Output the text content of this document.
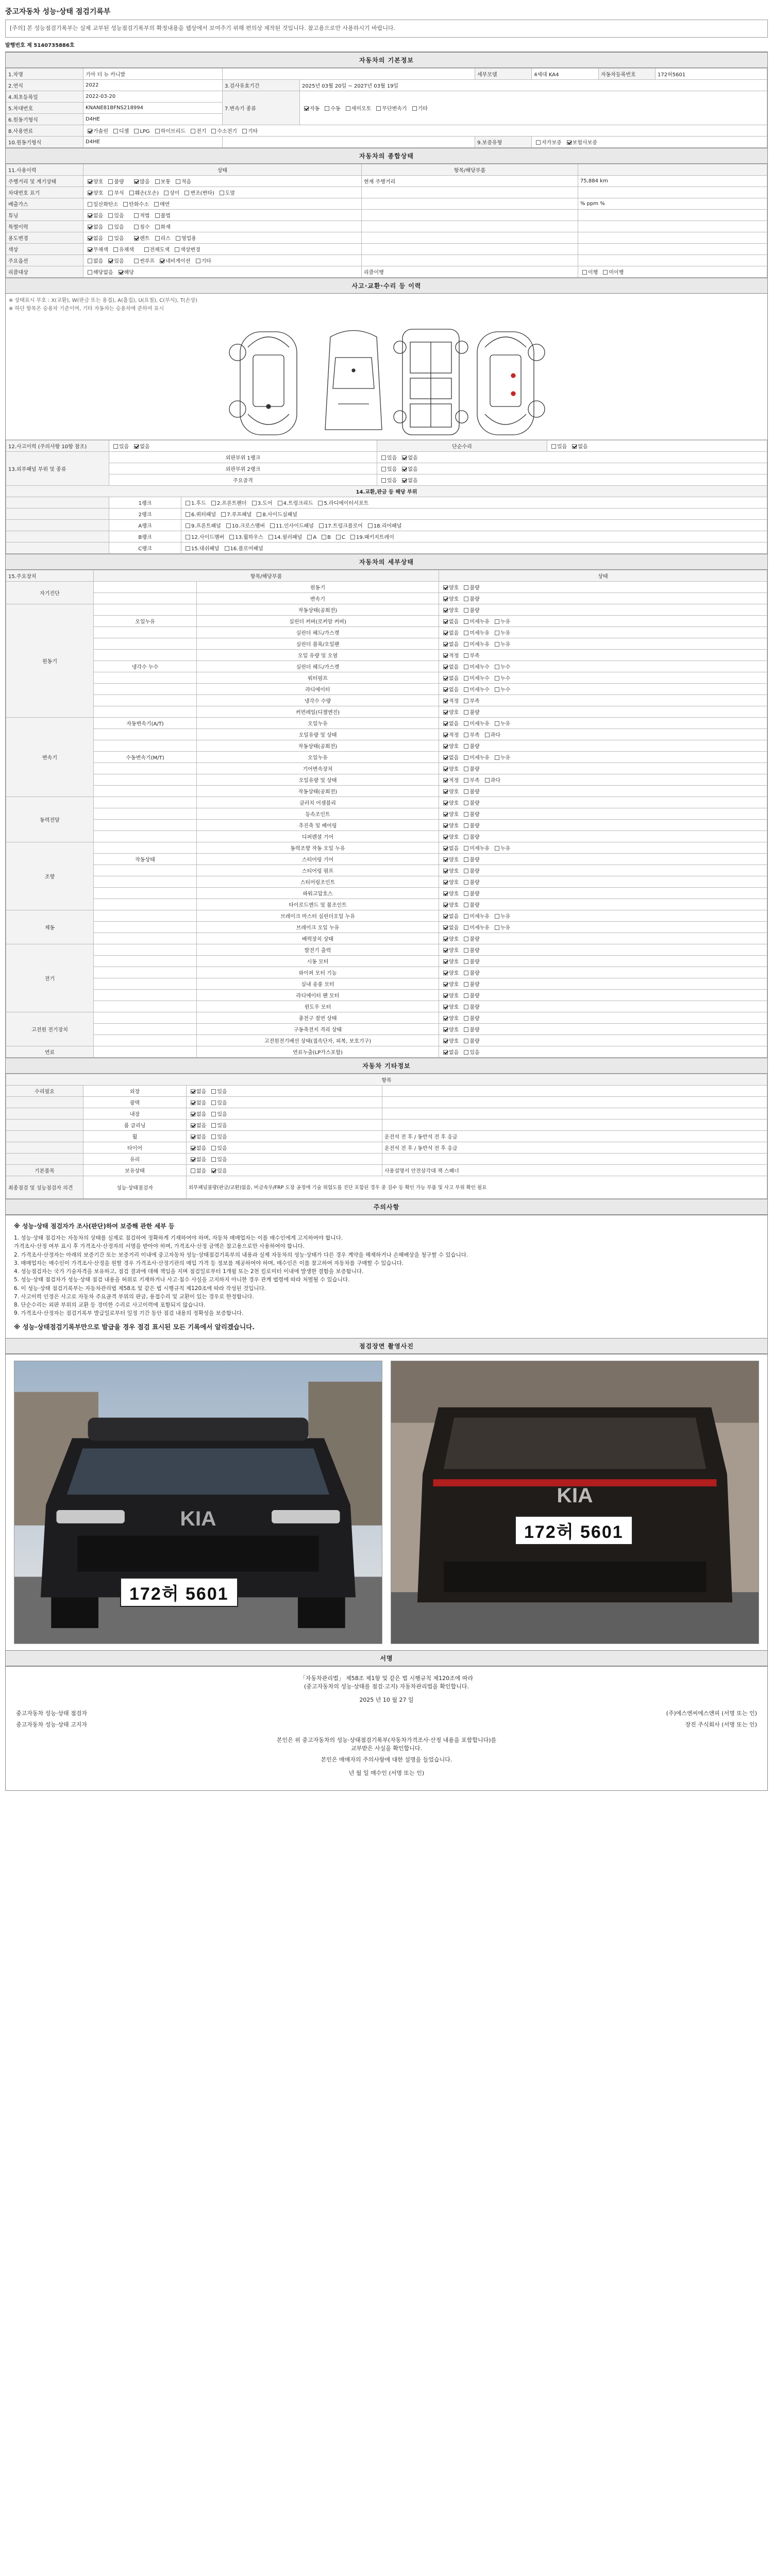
중고자동차 성능·상태 점검기록부
[주의] 본 성능점검기록부는 실제 교부된 성능점검기록부의 확정내용을 웹상에서 보여주기 위해 편의상 제작된 것입니다. 참고용으로만 사용하시기 바랍니다.
발행번호 제 5140735886호
자동차의 기본정보
1.차명	기아 더 뉴 카니발			세부모델	4세대 KA4	자동차등록번호	172허5601
2.연식	2022	3.검사유효기간	2025년 03월 20일 ~ 2027년 03월 19일				
4.최초등록일	2022-03-20	7.변속기 종류	자동 수동 세미오토 무단변속기 기타				
5.차대번호	KNANE81BFNS218994						
6.원동기형식	D4HE						
8.사용연료	가솔린 디젤 LPG 하이브리드 전기 수소전기 기타						
10.원동기형식	D4HE			9.보증유형	자가보증 보험사보증		
자동차의 종합상태
11.사용이력	상태	항목/해당부품	
주행거리 및 계기상태	양호 불량 많음 보통 적음	현재 주행거리	75,884 km
차대번호 표기	양호 부식 훼손(오손) 상이 변조(변타) 도말		
배출가스	일산화탄소 탄화수소 매연		% ppm %
튜닝	없음 있음 적법 불법		
특별이력	없음 있음 침수 화재		
용도변경	없음 있음 렌트 리스 영업용		
색상	무채색 유채색 전체도색 색상변경		
주요옵션	없음 있음 썬루프 네비게이션 기타		
리콜대상	해당없음 해당	리콜이행	이행 미이행
사고·교환·수리 등 이력
※ 상태표시 부호 : X(교환), W(판금 또는 용접), A(흠집), U(요철), C(부식), T(손상)
※ 하단 항목은 승용차 기준이며, 기타 자동차는 승용차에 준하여 표시
12.사고이력 (주의사항 10항 참조)	있음 없음		단순수리	있음 없음
13.외부패널 부위 및 종류	외판부위 1랭크		있음 없음	
	외판부위 2랭크		있음 없음	
	주요골격		있음 없음	
14.교환,판금 등 해당 부위				
	1랭크	1.후드 2.프론트펜더 3.도어 4.트렁크리드 5.라디에이터서포트		
	2랭크	6.쿼터패널 7.루프패널 8.사이드실패널		
	A랭크	9.프론트패널 10.크로스멤버 11.인사이드패널 17.트렁크플로어 18.리어패널		
	B랭크	12.사이드멤버 13.휠하우스 14.필러패널 A B C 19.패키지트레이		
	C랭크	15.대쉬패널 16.플로어패널		
자동차의 세부상태
15.주요장치	항목/해당부품		상태
자기진단		원동기	양호 불량
		변속기	양호 불량
원동기		작동상태(공회전)	양호 불량
	오일누유	실린더 커버(로커암 커버)	없음 미세누유 누유
		실린더 헤드/가스켓	없음 미세누유 누유
		실린더 블록/오일팬	없음 미세누유 누유
		오일 유량 및 오염	적정 부족
	냉각수 누수	실린더 헤드/가스켓	없음 미세누수 누수
		워터펌프	없음 미세누수 누수
		라디에이터	없음 미세누수 누수
		냉각수 수량	적정 부족
		커먼레일(디젤엔진)	양호 불량
변속기	자동변속기(A/T)	오일누유	없음 미세누유 누유
		오일유량 및 상태	적정 부족 과다
		작동상태(공회전)	양호 불량
	수동변속기(M/T)	오일누유	없음 미세누유 누유
		기어변속장치	양호 불량
		오일유량 및 상태	적정 부족 과다
		작동상태(공회전)	양호 불량
동력전달		클러치 어셈블리	양호 불량
		등속조인트	양호 불량
		추진축 및 베어링	양호 불량
		디퍼렌셜 기어	양호 불량
조향		동력조향 작동 오일 누유	없음 미세누유 누유
	작동상태	스티어링 기어	양호 불량
		스티어링 펌프	양호 불량
		스티어링조인트	양호 불량
		파워고압호스	양호 불량
		타이로드엔드 및 볼조인트	양호 불량
제동		브레이크 마스터 실린더오일 누유	없음 미세누유 누유
		브레이크 오일 누유	없음 미세누유 누유
		배력장치 상태	양호 불량
전기		발전기 출력	양호 불량
		시동 모터	양호 불량
		와이퍼 모터 기능	양호 불량
		실내 송풍 모터	양호 불량
		라디에이터 팬 모터	양호 불량
		윈도우 모터	양호 불량
고전원 전기장치		충전구 절연 상태	양호 불량
		구동축전지 격리 상태	양호 불량
		고전원전기배선 상태(접속단자, 피복, 보호기구)	양호 불량
연료		연료누출(LP가스포함)	없음 있음
자동차 기타정보
항목			
수리필요	외장	없음 있음	
	광택	없음 있음	
	내장	없음 있음	
	룸 클리닝	없음 있음	
	휠	없음 있음	운전석 전 후 / 동반석 전 후 응급
	타이어	없음 있음	운전석 전 후 / 동반석 전 후 응급
	유리	없음 있음	
기본품목	보유상태	없음 있음	사용설명서 안전삼각대 잭 스패너
최종점검 및 성능점검자 의견	성능·상태점검자	외부패널불량(판금/교환)없음, 비금속무/FRP 도장 공정에 기술 위험도를 진단 포함된 경우 중 검수 등 확인 가능 부품 및 사고 부위 확인 필요	
주의사항
※ 성능·상태 점검자가 조사(판단)하여 보증해 관한 세부 등
1. 성능·상태 점검자는 자동차의 상태를 실제로 점검하여 정확하게 기재하여야 하며, 자동차 매매업자는 이를 매수인에게 고지하여야 합니다.
가격조사·산정 여부 표시 후 가격조사·산정자의 서명을 받아야 하며, 가격조사·산정 금액은 참고용으로만 사용하여야 합니다.
2. 가격조사·산정자는 아래의 보증기간 또는 보증거리 이내에 중고자동차 성능·상태점검기록부의 내용과 실제 자동차의 성능·상태가 다른 경우 계약을 해제하거나 손해배상을 청구할 수 있습니다.
3. 매매업자는 매수인이 가격조사·산정을 원할 경우 가격조사·산정기관의 매입 가격 등 정보를 제공하여야 하며, 매수인은 이를 참고하여 자동차를 구매할 수 있습니다.
4. 성능점검자는 국가 기술자격을 보유하고, 점검 결과에 대해 책임을 지며 점검일로부터 1개월 또는 2천 킬로미터 이내에 발생한 결함을 보증합니다.
5. 성능·상태 점검자가 성능·상태 점검 내용을 허위로 기재하거나 사고·침수 사실을 고지하지 아니한 경우 관계 법령에 따라 처벌될 수 있습니다.
6. 이 성능·상태 점검기록부는 자동차관리법 제58조 및 같은 법 시행규칙 제120조에 따라 작성된 것입니다.
7. 사고이력 인정은 사고로 자동차 주요골격 부위의 판금, 용접수리 및 교환이 있는 경우로 한정합니다.
8. 단순수리는 외판 부위의 교환 등 경미한 수리로 사고이력에 포함되지 않습니다.
9. 가격조사·산정자는 점검기록부 발급일로부터 일정 기간 동안 점검 내용의 정확성을 보증합니다.
※ 성능·상태점검기록부만으로 발급을 경우 점검 표시된 모든 기록에서 알리겠습니다.
점검장면 촬영사진
KIA
172허 5601
KIA
172허 5601
서명
「자동차관리법」 제58조 제1항 및 같은 법 시행규칙 제120조에 따라
(중고자동차의 성능·상태를 점검·고지) 자동차관리법을 확인합니다.
2025 년 10 월 27 일
중고자동차 성능·상태 점검자	(주)에스엔씨에스앤피 (서명 또는 인)
중고자동차 성능·상태 고지자	장진 주식회사 (서명 또는 인)
본인은 위 중고자동차의 성능·상태점검기록부(자동차가격조사·산정 내용을 포함합니다)를
교부받은 사실을 확인합니다.
본인은 매매자의 주의사항에 대한 설명을 들었습니다.
년 월 일 매수인 (서명 또는 인)
